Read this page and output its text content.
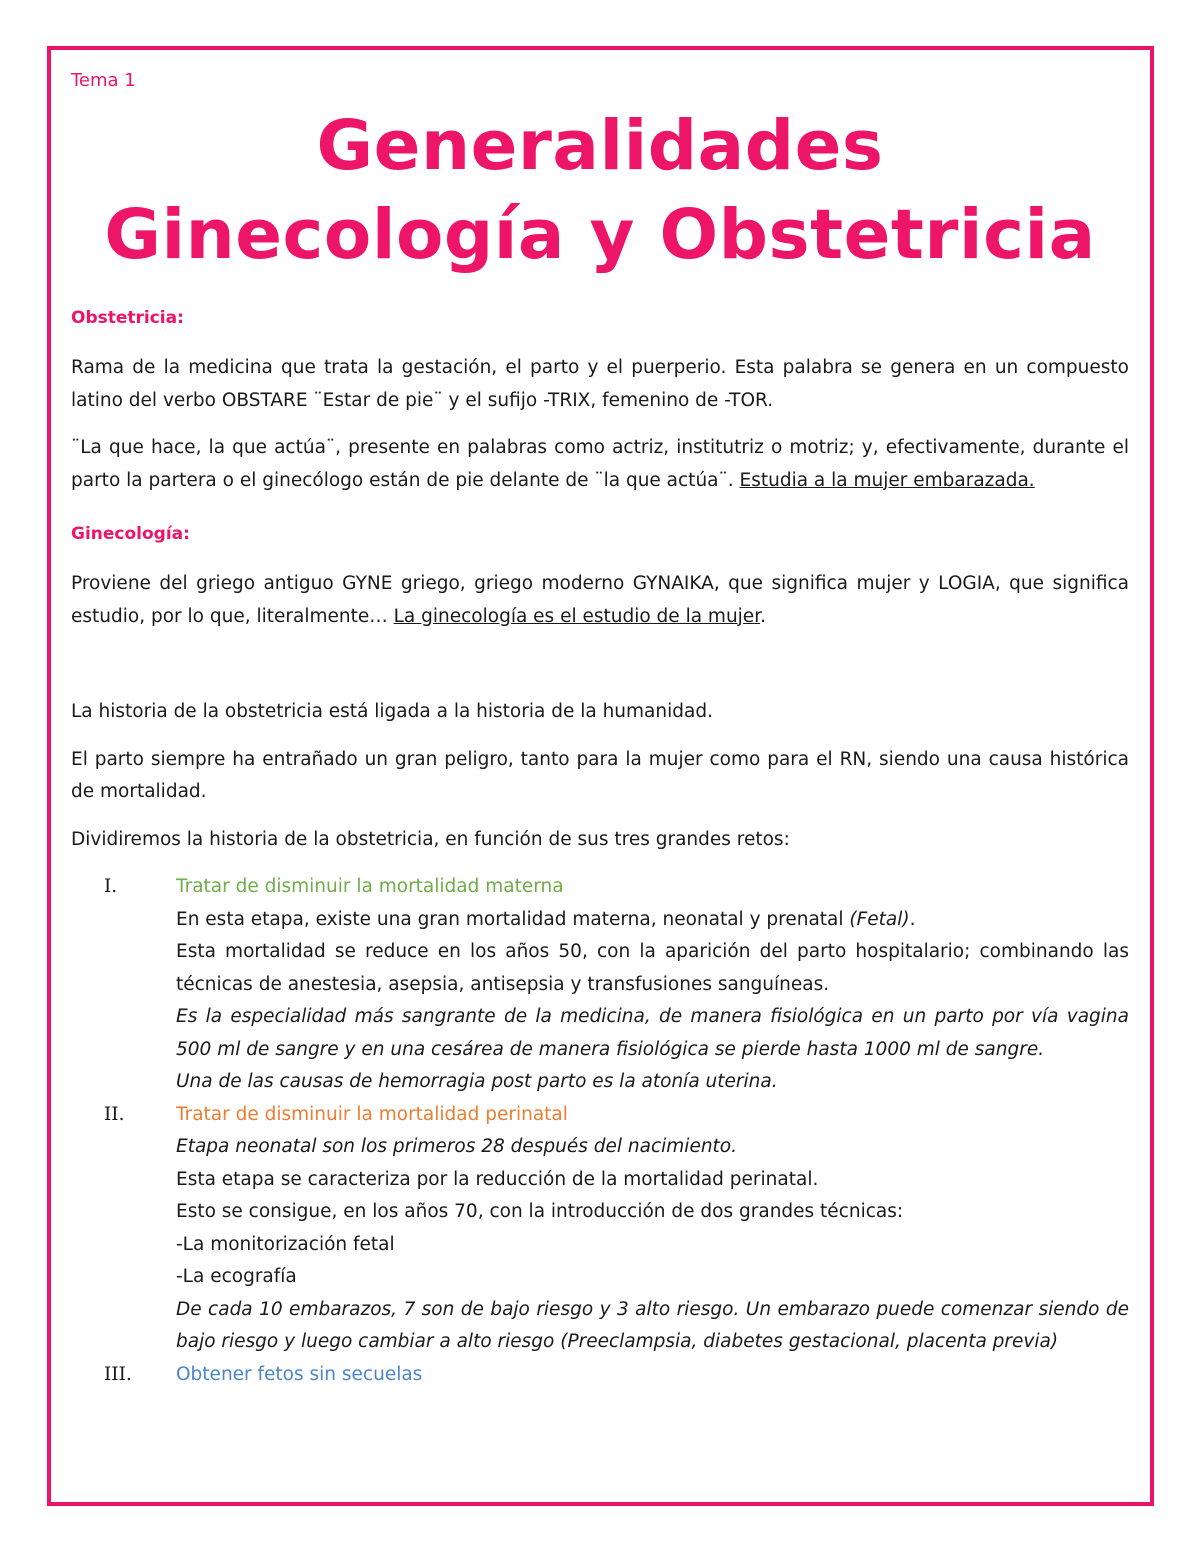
Tema 1

Generalidades
Ginecología y Obstetricia

Obstetricia:

Rama de la medicina que trata la gestación, el parto y el puerperio. Esta palabra se genera en un compuesto latino del verbo OBSTARE ¨Estar de pie¨ y el sufijo -TRIX, femenino de -TOR.

¨La que hace, la que actúa¨, presente en palabras como actriz, institutriz o motriz; y, efectivamente, durante el parto la partera o el ginecólogo están de pie delante de ¨la que actúa¨. Estudia a la mujer embarazada.

Ginecología:

Proviene del griego antiguo GYNE griego, griego moderno GYNAIKA, que significa mujer y LOGIA, que significa estudio, por lo que, literalmente… La ginecología es el estudio de la mujer.

La historia de la obstetricia está ligada a la historia de la humanidad.

El parto siempre ha entrañado un gran peligro, tanto para la mujer como para el RN, siendo una causa histórica de mortalidad.

Dividiremos la historia de la obstetricia, en función de sus tres grandes retos:

I.	Tratar de disminuir la mortalidad materna
En esta etapa, existe una gran mortalidad materna, neonatal y prenatal (Fetal).
Esta mortalidad se reduce en los años 50, con la aparición del parto hospitalario; combinando las técnicas de anestesia, asepsia, antisepsia y transfusiones sanguíneas.
Es la especialidad más sangrante de la medicina, de manera fisiológica en un parto por vía vagina 500 ml de sangre y en una cesárea de manera fisiológica se pierde hasta 1000 ml de sangre.
Una de las causas de hemorragia post parto es la atonía uterina.
II.	Tratar de disminuir la mortalidad perinatal
Etapa neonatal son los primeros 28 después del nacimiento.
Esta etapa se caracteriza por la reducción de la mortalidad perinatal.
Esto se consigue, en los años 70, con la introducción de dos grandes técnicas:
-La monitorización fetal
-La ecografía
De cada 10 embarazos, 7 son de bajo riesgo y 3 alto riesgo. Un embarazo puede comenzar siendo de bajo riesgo y luego cambiar a alto riesgo (Preeclampsia, diabetes gestacional, placenta previa)
III. Obtener fetos sin secuelas
